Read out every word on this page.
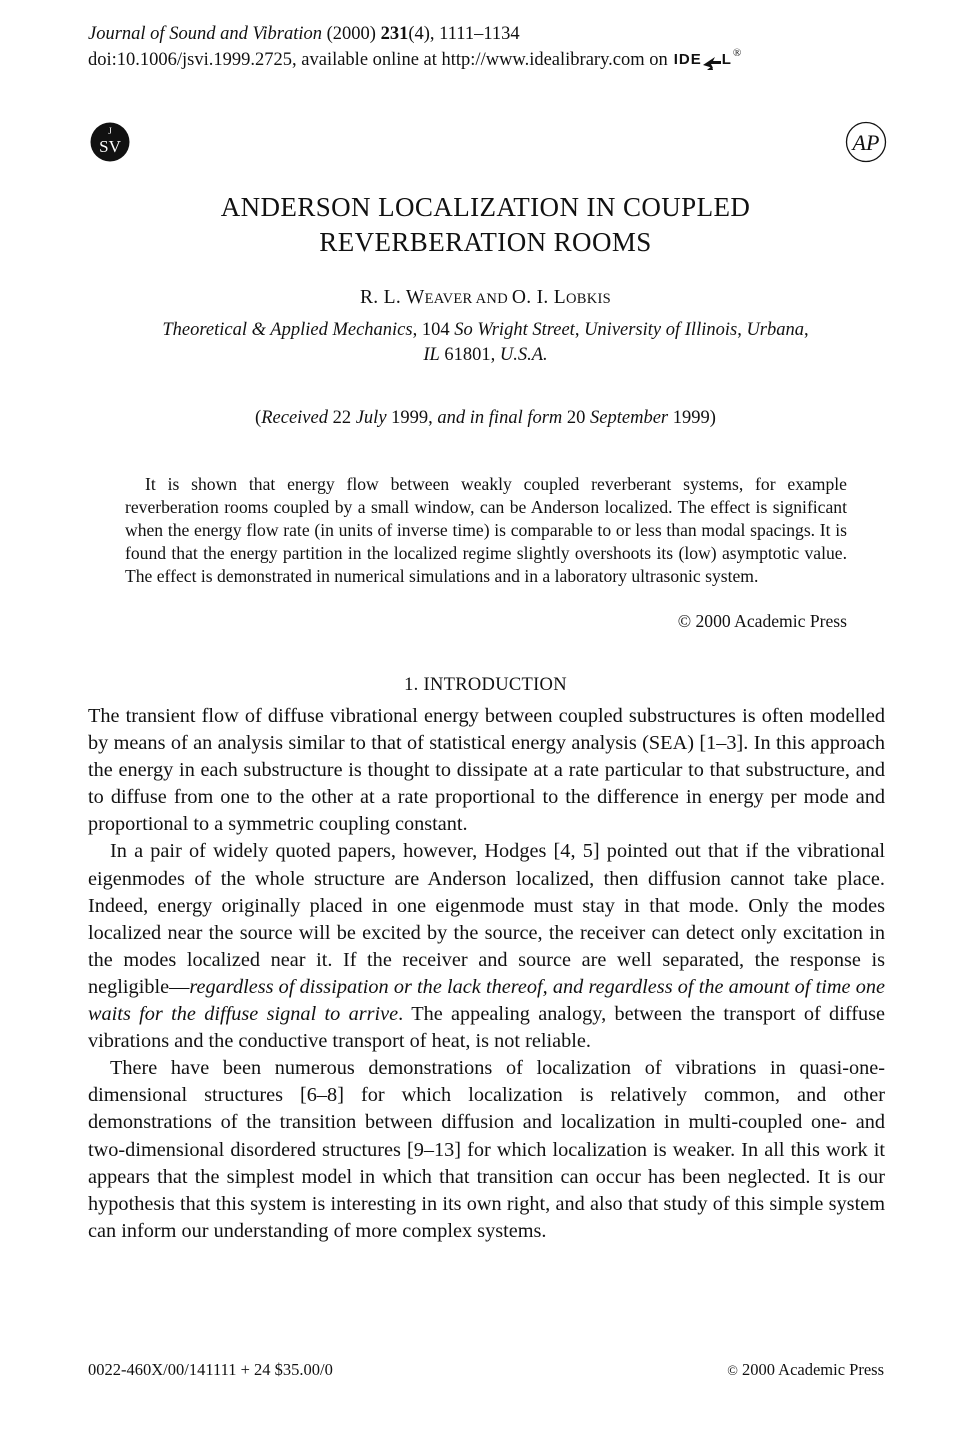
Journal of Sound and Vibration (2000) 231(4), 1111–1134
doi:10.1006/jsvi.1999.2725, available online at http://www.idealibrary.com on IDE L ®
J
SV	AP
ANDERSON LOCALIZATION IN COUPLED
REVERBERATION ROOMS
R. L. WEAVER AND O. I. LOBKIS
Theoretical & Applied Mechanics, 104 So Wright Street, University of Illinois, Urbana,
IL 61801, U.S.A.
(Received 22 July 1999, and in final form 20 September 1999)

It is shown that energy flow between weakly coupled reverberant systems, for example reverberation rooms coupled by a small window, can be Anderson localized. The effect is significant when the energy flow rate (in units of inverse time) is comparable to or less than modal spacings. It is found that the energy partition in the localized regime slightly overshoots its (low) asymptotic value. The effect is demonstrated in numerical simulations and in a laboratory ultrasonic system.

© 2000 Academic Press
1. INTRODUCTION

The transient flow of diffuse vibrational energy between coupled substructures is often modelled by means of an analysis similar to that of statistical energy analysis (SEA) [1–3]. In this approach the energy in each substructure is thought to dissipate at a rate particular to that substructure, and to diffuse from one to the other at a rate proportional to the difference in energy per mode and proportional to a symmetric coupling constant.

In a pair of widely quoted papers, however, Hodges [4, 5] pointed out that if the vibrational eigenmodes of the whole structure are Anderson localized, then diffusion cannot take place. Indeed, energy originally placed in one eigenmode must stay in that mode. Only the modes localized near the source will be excited by the source, the receiver can detect only excitation in the modes localized near it. If the receiver and source are well separated, the response is negligible—regardless of dissipation or the lack thereof, and regardless of the amount of time one waits for the diffuse signal to arrive. The appealing analogy, between the transport of diffuse vibrations and the conductive transport of heat, is not reliable.

There have been numerous demonstrations of localization of vibrations in quasi-one-dimensional structures [6–8] for which localization is relatively common, and other demonstrations of the transition between diffusion and localization in multi-coupled one- and two-dimensional disordered structures [9–13] for which localization is weaker. In all this work it appears that the simplest model in which that transition can occur has been neglected. It is our hypothesis that this system is interesting in its own right, and also that study of this simple system can inform our understanding of more complex systems.

0022-460X/00/141111 + 24 $35.00/0	© 2000 Academic Press
